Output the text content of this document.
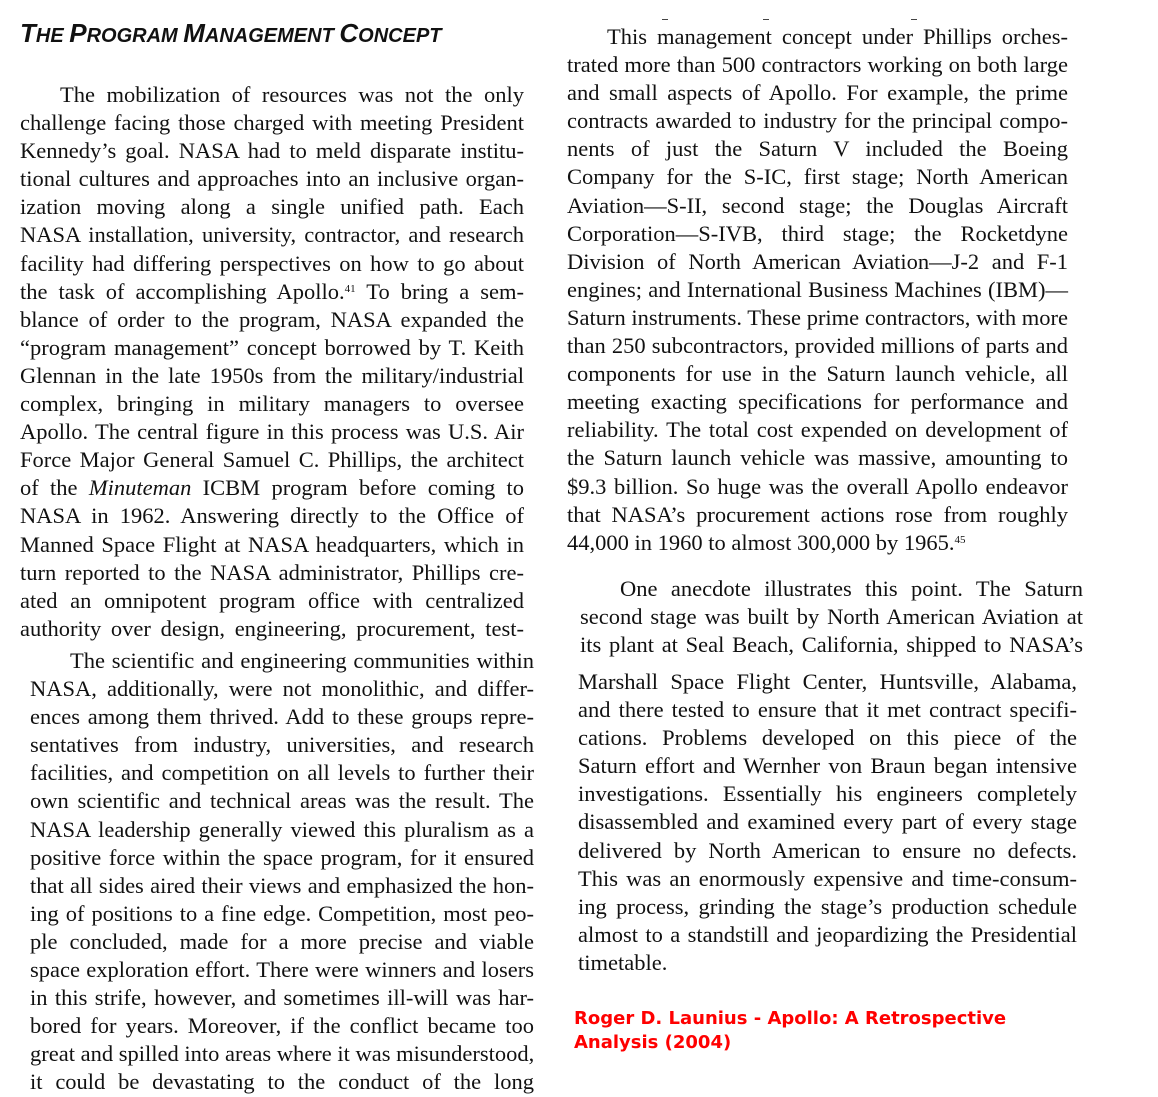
THE PROGRAM MANAGEMENT CONCEPT
The mobilization of resources was not the only
challenge facing those charged with meeting President
Kennedy’s goal. NASA had to meld disparate institu-
tional cultures and approaches into an inclusive organ-
ization moving along a single unified path. Each
NASA installation, university, contractor, and research
facility had differing perspectives on how to go about
the task of accomplishing Apollo.$^{41}$ To bring a sem-
blance of order to the program, NASA expanded the
“program management” concept borrowed by T. Keith
Glennan in the late 1950s from the military/industrial
complex, bringing in military managers to oversee
Apollo. The central figure in this process was U.S. Air
Force Major General Samuel C. Phillips, the architect
of the Minuteman ICBM program before coming to
NASA in 1962. Answering directly to the Office of
Manned Space Flight at NASA headquarters, which in
turn reported to the NASA administrator, Phillips cre-
ated an omnipotent program office with centralized
authority over design, engineering, procurement, test-
The scientific and engineering communities within
NASA, additionally, were not monolithic, and differ-
ences among them thrived. Add to these groups repre-
sentatives from industry, universities, and research
facilities, and competition on all levels to further their
own scientific and technical areas was the result. The
NASA leadership generally viewed this pluralism as a
positive force within the space program, for it ensured
that all sides aired their views and emphasized the hon-
ing of positions to a fine edge. Competition, most peo-
ple concluded, made for a more precise and viable
space exploration effort. There were winners and losers
in this strife, however, and sometimes ill-will was har-
bored for years. Moreover, if the conflict became too
great and spilled into areas where it was misunderstood,
it could be devastating to the conduct of the long
This management concept under Phillips orches-
trated more than 500 contractors working on both large
and small aspects of Apollo. For example, the prime
contracts awarded to industry for the principal compo-
nents of just the Saturn V included the Boeing
Company for the S-IC, first stage; North American
Aviation—S-II, second stage; the Douglas Aircraft
Corporation—S-IVB, third stage; the Rocketdyne
Division of North American Aviation—J-2 and F-1
engines; and International Business Machines (IBM)—
Saturn instruments. These prime contractors, with more
than 250 subcontractors, provided millions of parts and
components for use in the Saturn launch vehicle, all
meeting exacting specifications for performance and
reliability. The total cost expended on development of
the Saturn launch vehicle was massive, amounting to
$9.3 billion. So huge was the overall Apollo endeavor
that NASA’s procurement actions rose from roughly
44,000 in 1960 to almost 300,000 by 1965.45
One anecdote illustrates this point. The Saturn
second stage was built by North American Aviation at
its plant at Seal Beach, California, shipped to NASA’s
Marshall Space Flight Center, Huntsville, Alabama,
and there tested to ensure that it met contract specifi-
cations. Problems developed on this piece of the
Saturn effort and Wernher von Braun began intensive
investigations. Essentially his engineers completely
disassembled and examined every part of every stage
delivered by North American to ensure no defects.
This was an enormously expensive and time-consum-
ing process, grinding the stage’s production schedule
almost to a standstill and jeopardizing the Presidential
timetable.
Roger D. Launius - Apollo: A Retrospective Analysis (2004)
